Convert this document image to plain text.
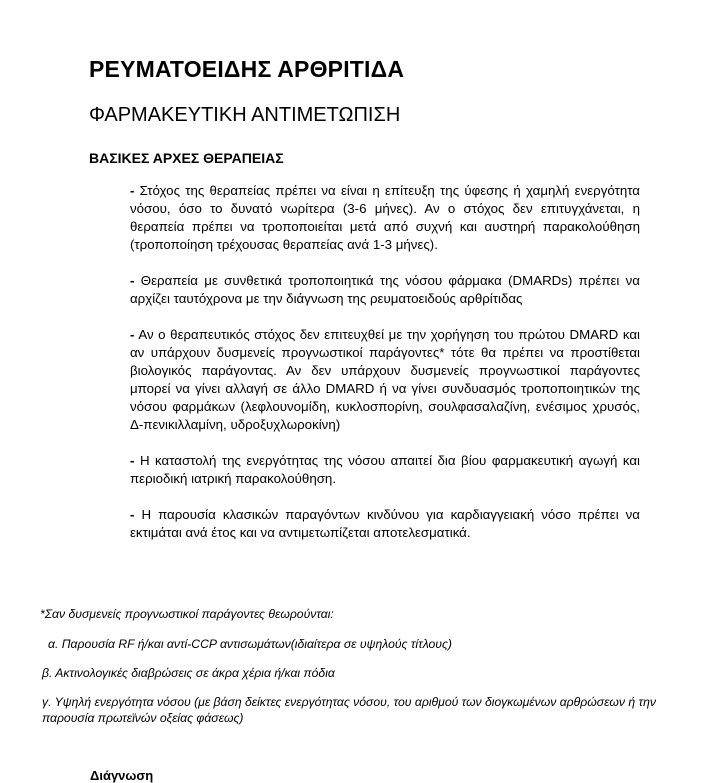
ΡΕΥΜΑΤΟΕΙΔΗΣ ΑΡΘΡΙΤΙΔΑ
ΦΑΡΜΑΚΕΥΤΙΚΗ ΑΝΤΙΜΕΤΩΠΙΣΗ
ΒΑΣΙΚΕΣ ΑΡΧΕΣ ΘΕΡΑΠΕΙΑΣ

- Στόχος της θεραπείας πρέπει να είναι η επίτευξη της ύφεσης ή χαμηλή ενεργότητα νόσου, όσο το δυνατό νωρίτερα (3-6 μήνες). Αν ο στόχος δεν επιτυγχάνεται, η θεραπεία πρέπει να τροποποιείται μετά από συχνή και αυστηρή παρακολούθηση (τροποποίηση τρέχουσας θεραπείας ανά 1-3 μήνες).

- Θεραπεία με συνθετικά τροποποιητικά της νόσου φάρμακα (DMARDs) πρέπει να αρχίζει ταυτόχρονα με την διάγνωση της ρευματοειδούς αρθρίτιδας

- Αν ο θεραπευτικός στόχος δεν επιτευχθεί με την χορήγηση του πρώτου DMARD και αν υπάρχουν δυσμενείς προγνωστικοί παράγοντες* τότε θα πρέπει να προστίθεται βιολογικός παράγοντας. Αν δεν υπάρχουν δυσμενείς προγνωστικοί παράγοντες μπορεί να γίνει αλλαγή σε άλλο DMARD ή να γίνει συνδυασμός τροποποιητικών της νόσου φαρμάκων (λεφλουνομίδη, κυκλοσπορίνη, σουλφασαλαζίνη, ενέσιμος χρυσός, Δ-πενικιλλαμίνη, υδροξυχλωροκίνη)

- Η καταστολή της ενεργότητας της νόσου απαιτεί δια βίου φαρμακευτική αγωγή και περιοδική ιατρική παρακολούθηση.

- Η παρουσία κλασικών παραγόντων κινδύνου για καρδιαγγειακή νόσο πρέπει να εκτιμάται ανά έτος και να αντιμετωπίζεται αποτελεσματικά.

*Σαν δυσμενείς προγνωστικοί παράγοντες θεωρούνται:
α. Παρουσία RF ή/και αντί-CCP αντισωμάτων(ιδιαίτερα σε υψηλούς τίτλους)
β. Ακτινολογικές διαβρώσεις σε άκρα χέρια ή/και πόδια
γ. Υψηλή ενεργότητα νόσου (με βάση δείκτες ενεργότητας νόσου, του αριθμού των διογκωμένων αρθρώσεων ή την παρουσία πρωτεϊνών οξείας φάσεως)
Διάγνωση
